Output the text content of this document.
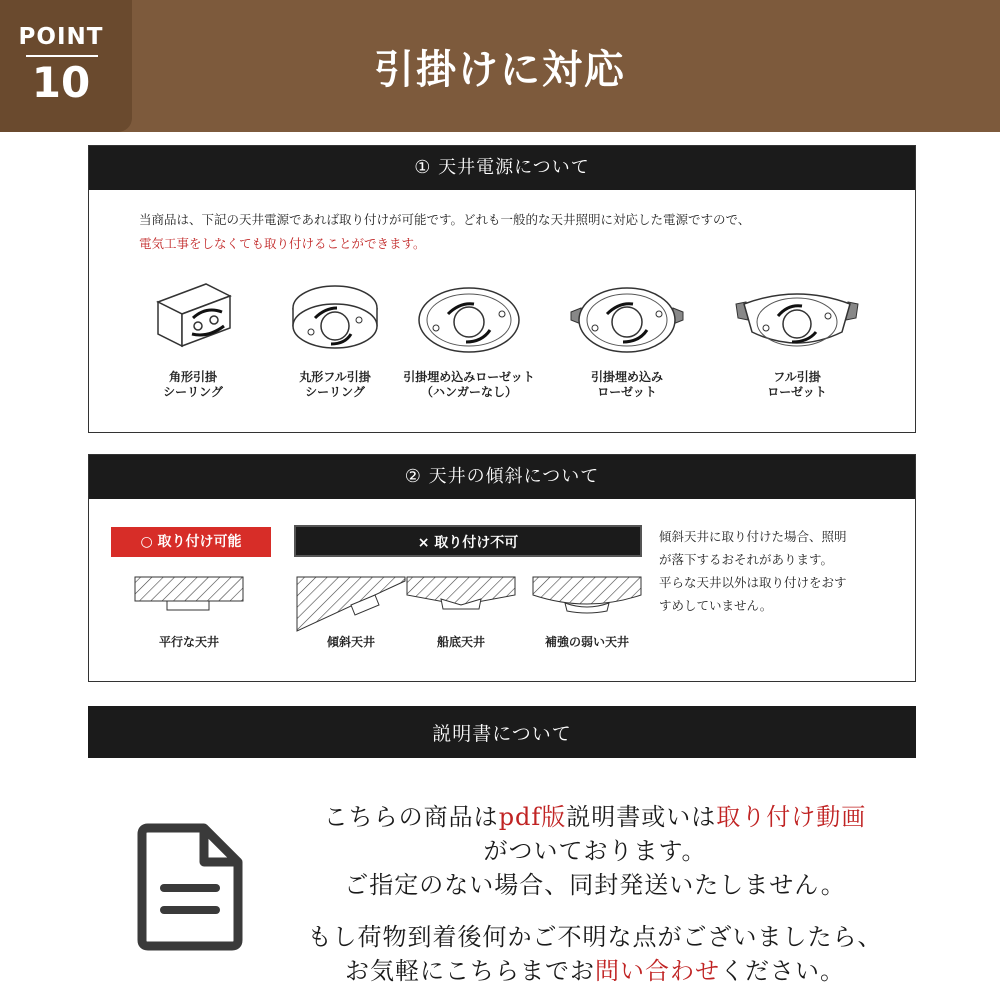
POINT
10	引掛けに対応
① 天井電源について
当商品は、下記の天井電源であれば取り付けが可能です。どれも一般的な天井照明に対応した電源ですので、
電気工事をしなくても取り付けることができます。
角形引掛
シーリング
丸形フル引掛
シーリング
引掛埋め込みローゼット
（ハンガーなし）
引掛埋め込み
ローゼット
フル引掛
ローゼット
② 天井の傾斜について
○ 取り付け可能	× 取り付け不可
平行な天井	傾斜天井	船底天井	補強の弱い天井
傾斜天井に取り付けた場合、照明
が落下するおそれがあります。
平らな天井以外は取り付けをおす
すめしていません。
説明書について
こちらの商品はpdf版説明書或いは取り付け動画
がついております。
ご指定のない場合、同封発送いたしません。
もし荷物到着後何かご不明な点がございましたら、
お気軽にこちらまでお問い合わせください。
